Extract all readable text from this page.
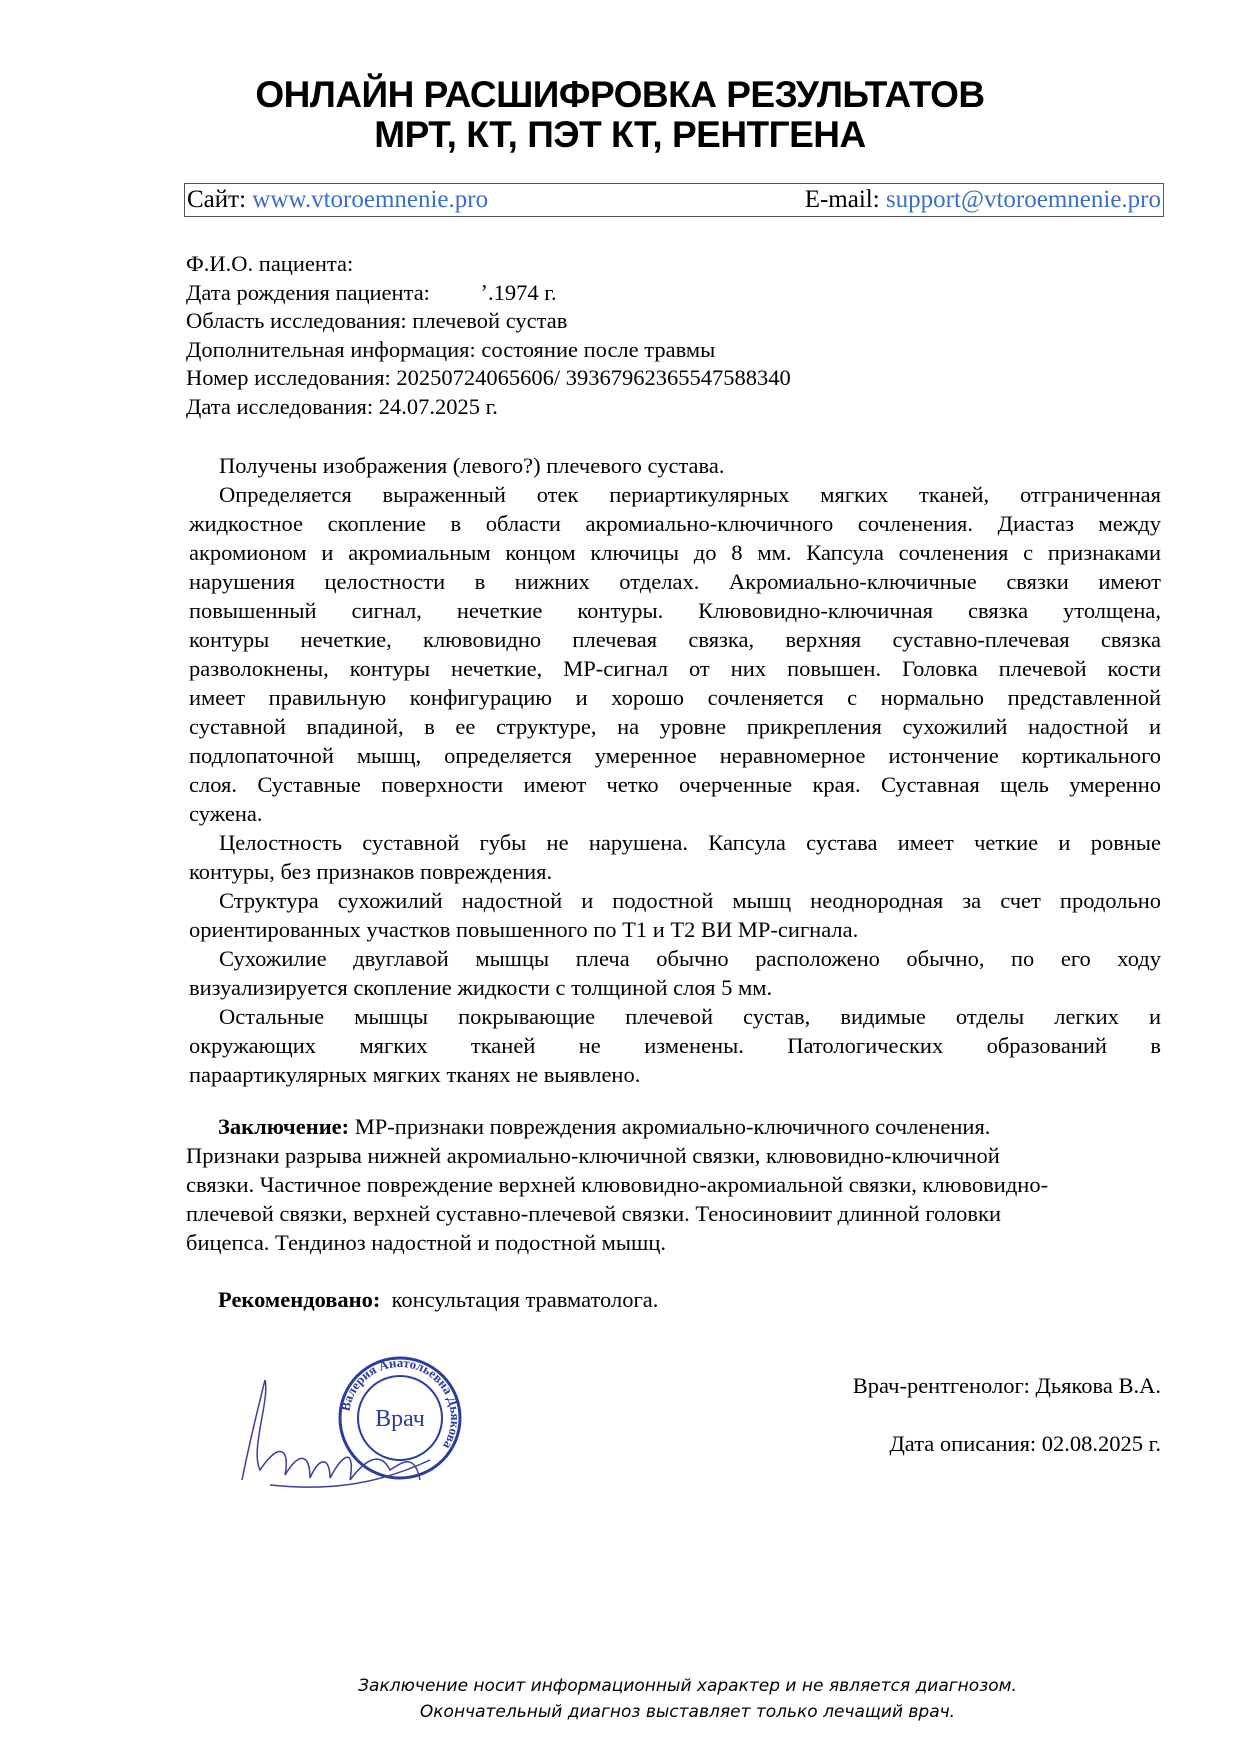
ОНЛАЙН РАСШИФРОВКА РЕЗУЛЬТАТОВ
МРТ, КТ, ПЭТ КТ, РЕНТГЕНА
Сайт: www.vtoroemnenie.pro	E-mail: support@vtoroemnenie.pro
Ф.И.О. пациента:
Дата рождения пациента:         ʼ.1974 г.
Область исследования: плечевой сустав
Дополнительная информация: состояние после травмы
Номер исследования: 20250724065606/ 39367962365547588340
Дата исследования: 24.07.2025 г.
Получены изображения (левого?) плечевого сустава.
Определяется выраженный отек периартикулярных мягких тканей, отграниченная
жидкостное скопление в области акромиально-ключичного сочленения. Диастаз между
акромионом и акромиальным концом ключицы до 8 мм. Капсула сочленения с признаками
нарушения целостности в нижних отделах. Акромиально-ключичные связки имеют
повышенный сигнал, нечеткие контуры. Клювовидно-ключичная связка утолщена,
контуры нечеткие, клювовидно плечевая связка, верхняя суставно-плечевая связка
разволокнены, контуры нечеткие, МР-сигнал от них повышен. Головка плечевой кости
имеет правильную конфигурацию и хорошо сочленяется с нормально представленной
суставной впадиной, в ее структуре, на уровне прикрепления сухожилий надостной и
подлопаточной мышц, определяется умеренное неравномерное истончение кортикального
слоя. Суставные поверхности имеют четко очерченные края. Суставная щель умеренно
сужена.
Целостность суставной губы не нарушена. Капсула сустава имеет четкие и ровные
контуры, без признаков повреждения.
Структура сухожилий надостной и подостной мышц неоднородная за счет продольно
ориентированных участков повышенного по Т1 и Т2 ВИ МР-сигнала.
Сухожилие двуглавой мышцы плеча обычно расположено обычно, по его ходу
визуализируется скопление жидкости с толщиной слоя 5 мм.
Остальные мышцы покрывающие плечевой сустав, видимые отделы легких и
окружающих мягких тканей не изменены. Патологических образований в
параартикулярных мягких тканях не выявлено.
Заключение: МР-признаки повреждения акромиально-ключичного сочленения.
Признаки разрыва нижней акромиально-ключичной связки, клювовидно-ключичной
связки. Частичное повреждение верхней клювовидно-акромиальной связки, клювовидно-
плечевой связки, верхней суставно-плечевой связки. Теносиновиит длинной головки
бицепса. Тендиноз надостной и подостной мышц.
Рекомендовано:  консультация травматолога.
Валерия Анатольевна Дьякова
Врач
Врач-рентгенолог: Дьякова В.А.
Дата описания: 02.08.2025 г.
Заключение носит информационный характер и не является диагнозом.
Окончательный диагноз выставляет только лечащий врач.
